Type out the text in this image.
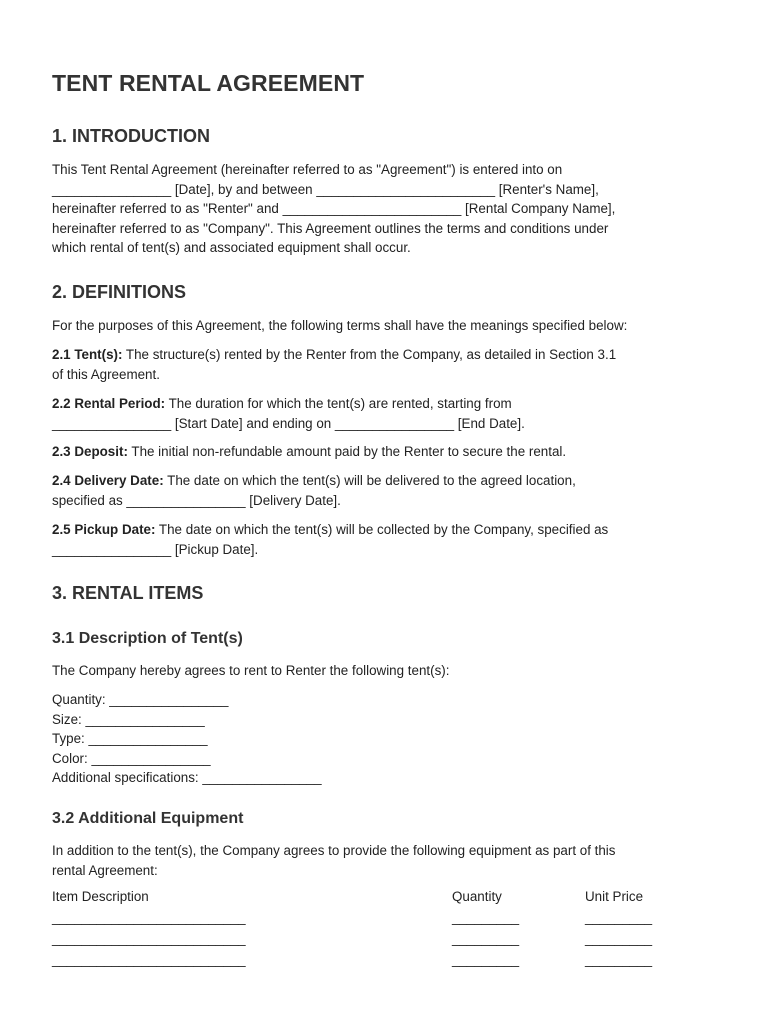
TENT RENTAL AGREEMENT
1. INTRODUCTION
This Tent Rental Agreement (hereinafter referred to as "Agreement") is entered into on
________________ [Date], by and between ________________________ [Renter's Name],
hereinafter referred to as "Renter" and ________________________ [Rental Company Name],
hereinafter referred to as "Company". This Agreement outlines the terms and conditions under
which rental of tent(s) and associated equipment shall occur.
2. DEFINITIONS

For the purposes of this Agreement, the following terms shall have the meanings specified below:

2.1 Tent(s): The structure(s) rented by the Renter from the Company, as detailed in Section 3.1
of this Agreement.
2.2 Rental Period: The duration for which the tent(s) are rented, starting from
________________ [Start Date] and ending on ________________ [End Date].
2.3 Deposit: The initial non-refundable amount paid by the Renter to secure the rental.
2.4 Delivery Date: The date on which the tent(s) will be delivered to the agreed location,
specified as ________________ [Delivery Date].
2.5 Pickup Date: The date on which the tent(s) will be collected by the Company, specified as
________________ [Pickup Date].
3. RENTAL ITEMS
3.1 Description of Tent(s)

The Company hereby agrees to rent to Renter the following tent(s):

Quantity: ________________
Size: ________________
Type: ________________
Color: ________________
Additional specifications: ________________
3.2 Additional Equipment
In addition to the tent(s), the Company agrees to provide the following equipment as part of this
rental Agreement:
Item Description	Quantity	Unit Price
__________________________	_________	_________
__________________________	_________	_________
__________________________	_________	_________
